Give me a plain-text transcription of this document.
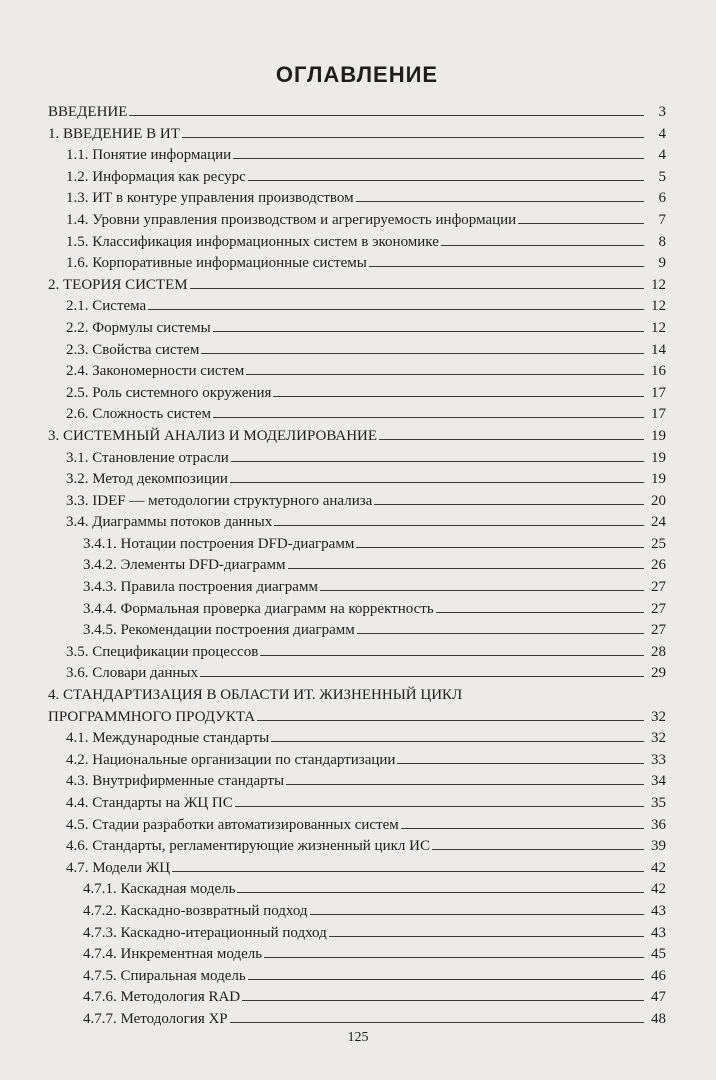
ОГЛАВЛЕНИЕ
ВВЕДЕНИЕ	3
1. ВВЕДЕНИЕ В ИТ	4
1.1. Понятие информации	4
1.2. Информация как ресурс	5
1.3. ИТ в контуре управления производством	6
1.4. Уровни управления производством и агрегируемость информации	7
1.5. Классификация информационных систем в экономике	8
1.6. Корпоративные информационные системы	9
2. ТЕОРИЯ СИСТЕМ	12
2.1. Система	12
2.2. Формулы системы	12
2.3. Свойства систем	14
2.4. Закономерности систем	16
2.5. Роль системного окружения	17
2.6. Сложность систем	17
3. СИСТЕМНЫЙ АНАЛИЗ И МОДЕЛИРОВАНИЕ	19
3.1. Становление отрасли	19
3.2. Метод декомпозиции	19
3.3. IDEF — методологии структурного анализа	20
3.4. Диаграммы потоков данных	24
3.4.1. Нотации построения DFD-диаграмм	25
3.4.2. Элементы DFD-диаграмм	26
3.4.3. Правила построения диаграмм	27
3.4.4. Формальная проверка диаграмм на корректность	27
3.4.5. Рекомендации построения диаграмм	27
3.5. Спецификации процессов	28
3.6. Словари данных	29
4. СТАНДАРТИЗАЦИЯ В ОБЛАСТИ ИТ. ЖИЗНЕННЫЙ ЦИКЛ
ПРОГРАММНОГО ПРОДУКТА	32
4.1. Международные стандарты	32
4.2. Национальные организации по стандартизации	33
4.3. Внутрифирменные стандарты	34
4.4. Стандарты на ЖЦ ПС	35
4.5. Стадии разработки автоматизированных систем	36
4.6. Стандарты, регламентирующие жизненный цикл ИС	39
4.7. Модели ЖЦ	42
4.7.1. Каскадная модель	42
4.7.2. Каскадно-возвратный подход	43
4.7.3. Каскадно-итерационный подход	43
4.7.4. Инкрементная модель	45
4.7.5. Спиральная модель	46
4.7.6. Методология RAD	47
4.7.7. Методология XP	48
125
